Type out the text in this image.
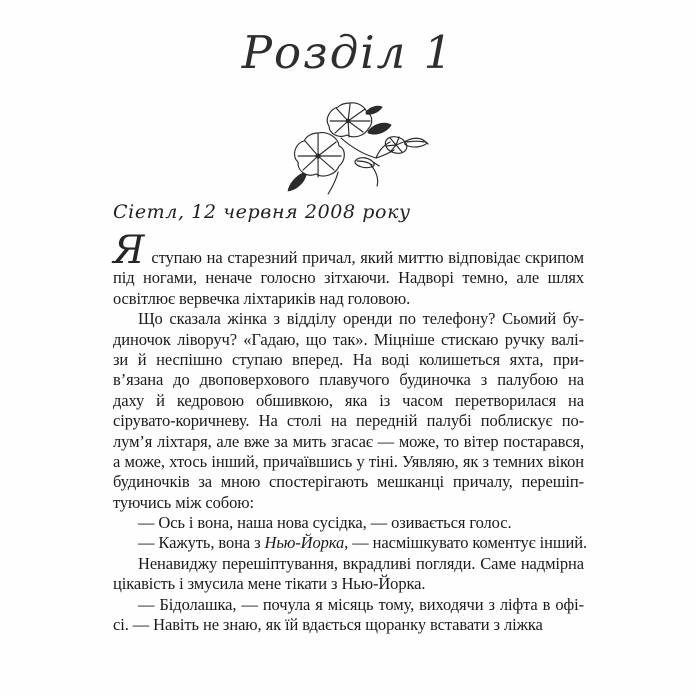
Розділ 1
Сіетл, 12 червня 2008 року
Яступаю на старезний причал, який миттю відповідає скрипом
під ногами, неначе голосно зітхаючи. Надворі темно, але шлях
освітлює вервечка ліхтариків над головою.
Що сказала жінка з відділу оренди по телефону? Сьомий бу-
диночок ліворуч? «Гадаю, що так». Міцніше стискаю ручку валі-
зи й неспішно ступаю вперед. На воді колишеться яхта, при-
в’язана до двоповерхового плавучого будиночка з палубою на
даху й кедровою обшивкою, яка із часом перетворилася на
сірувато-коричневу. На столі на передній палубі поблискує по-
лум’я ліхтаря, але вже за мить згасає — може, то вітер постарався,
а може, хтось інший, причаївшись у тіні. Уявляю, як з темних вікон
будиночків за мною спостерігають мешканці причалу, перешіп-
туючись між собою:
— Ось і вона, наша нова сусідка, — озивається голос.
— Кажуть, вона з Нью-Йорка, — насмішкувато коментує інший.
Ненавиджу перешіптування, вкрадливі погляди. Саме надмірна
цікавість і змусила мене тікати з Нью-Йорка.
— Бідолашка, — почула я місяць тому, виходячи з ліфта в офі-
сі. — Навіть не знаю, як їй вдається щоранку вставати з ліжка
